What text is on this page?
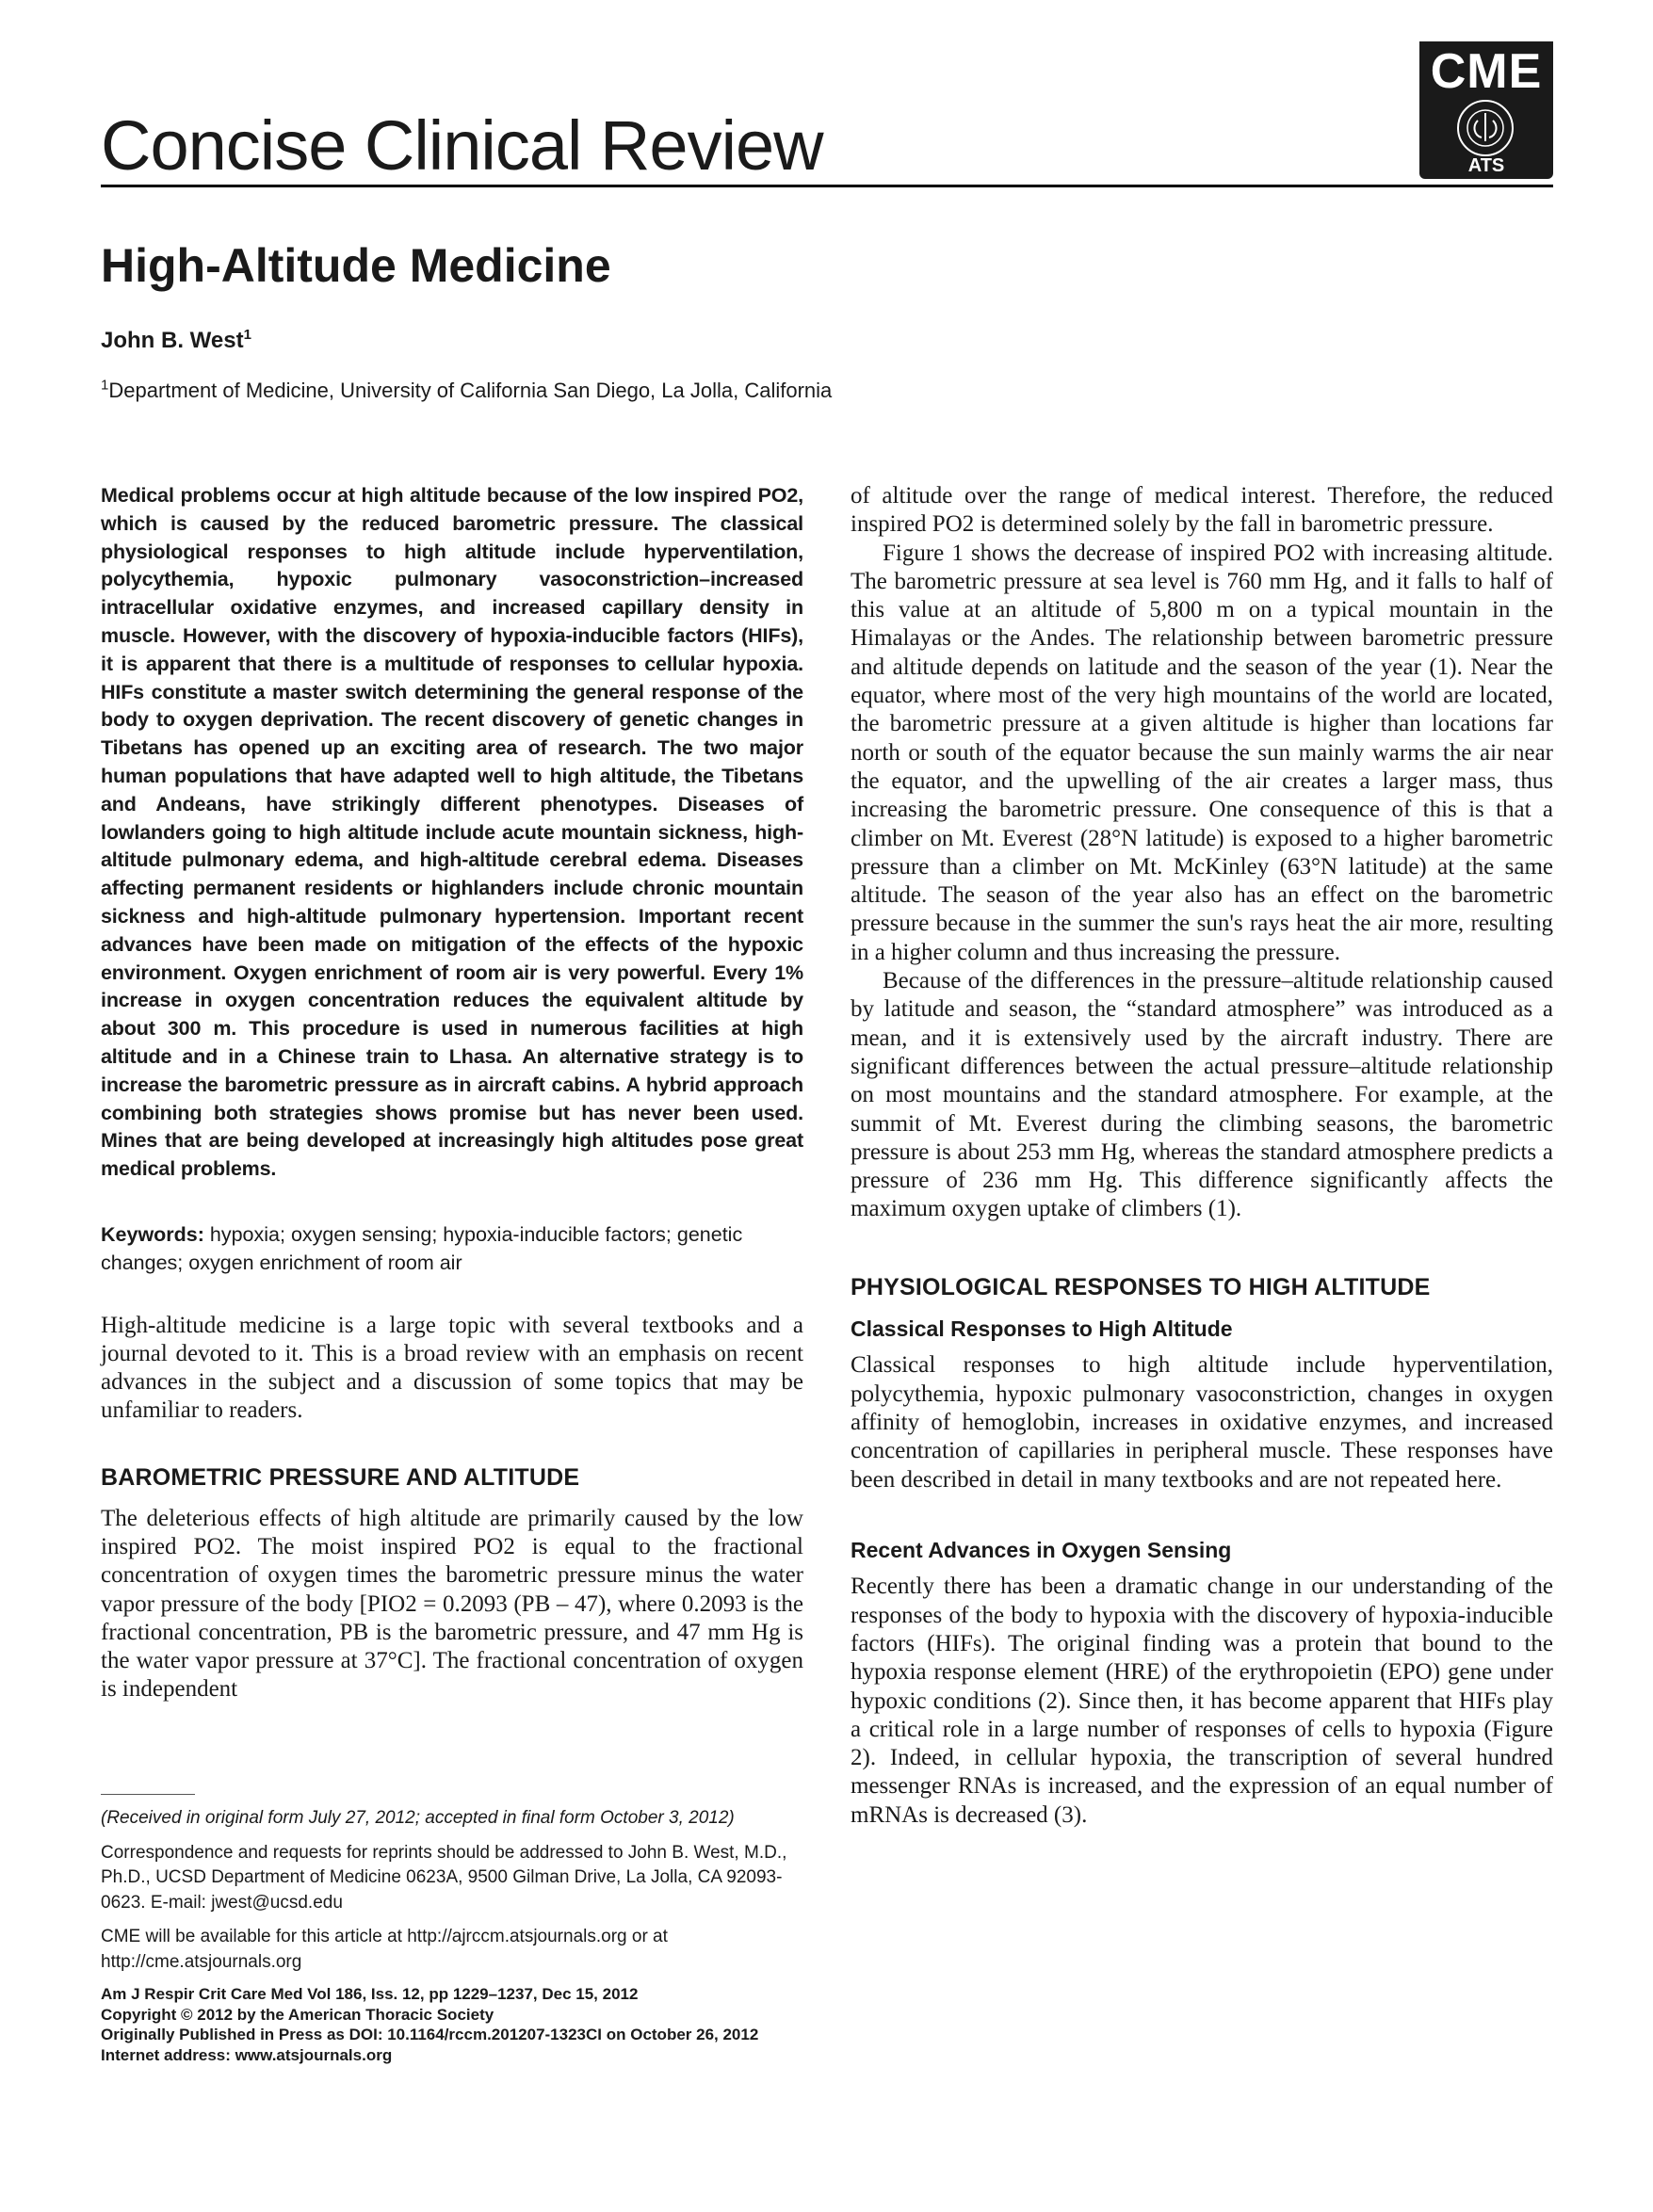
Concise Clinical Review
CME
ATS
High-Altitude Medicine
John B. West$^1$
$^1$Department of Medicine, University of California San Diego, La Jolla, California

Medical problems occur at high altitude because of the low inspired PO2, which is caused by the reduced barometric pressure. The classical physiological responses to high altitude include hyperventilation, polycythemia, hypoxic pulmonary vasoconstriction–increased intracellular oxidative enzymes, and increased capillary density in muscle. However, with the discovery of hypoxia-inducible factors (HIFs), it is apparent that there is a multitude of responses to cellular hypoxia. HIFs constitute a master switch determining the general response of the body to oxygen deprivation. The recent discovery of genetic changes in Tibetans has opened up an exciting area of research. The two major human populations that have adapted well to high altitude, the Tibetans and Andeans, have strikingly different phenotypes. Diseases of lowlanders going to high altitude include acute mountain sickness, high-altitude pulmonary edema, and high-altitude cerebral edema. Diseases affecting permanent residents or highlanders include chronic mountain sickness and high-altitude pulmonary hypertension. Important recent advances have been made on mitigation of the effects of the hypoxic environment. Oxygen enrichment of room air is very powerful. Every 1% increase in oxygen concentration reduces the equivalent altitude by about 300 m. This procedure is used in numerous facilities at high altitude and in a Chinese train to Lhasa. An alternative strategy is to increase the barometric pressure as in aircraft cabins. A hybrid approach combining both strategies shows promise but has never been used. Mines that are being developed at increasingly high altitudes pose great medical problems.

Keywords: hypoxia; oxygen sensing; hypoxia-inducible factors; genetic changes; oxygen enrichment of room air

High-altitude medicine is a large topic with several textbooks and a journal devoted to it. This is a broad review with an emphasis on recent advances in the subject and a discussion of some topics that may be unfamiliar to readers.

BAROMETRIC PRESSURE AND ALTITUDE

The deleterious effects of high altitude are primarily caused by the low inspired PO2. The moist inspired PO2 is equal to the fractional concentration of oxygen times the barometric pressure minus the water vapor pressure of the body [PIO2 = 0.2093 (PB – 47), where 0.2093 is the fractional concentration, PB is the barometric pressure, and 47 mm Hg is the water vapor pressure at 37°C]. The fractional concentration of oxygen is independent

of altitude over the range of medical interest. Therefore, the reduced inspired PO2 is determined solely by the fall in barometric pressure.

Figure 1 shows the decrease of inspired PO2 with increasing altitude. The barometric pressure at sea level is 760 mm Hg, and it falls to half of this value at an altitude of 5,800 m on a typical mountain in the Himalayas or the Andes. The relationship between barometric pressure and altitude depends on latitude and the season of the year (1). Near the equator, where most of the very high mountains of the world are located, the barometric pressure at a given altitude is higher than locations far north or south of the equator because the sun mainly warms the air near the equator, and the upwelling of the air creates a larger mass, thus increasing the barometric pressure. One consequence of this is that a climber on Mt. Everest (28°N latitude) is exposed to a higher barometric pressure than a climber on Mt. McKinley (63°N latitude) at the same altitude. The season of the year also has an effect on the barometric pressure because in the summer the sun's rays heat the air more, resulting in a higher column and thus increasing the pressure.

Because of the differences in the pressure–altitude relationship caused by latitude and season, the “standard atmosphere” was introduced as a mean, and it is extensively used by the aircraft industry. There are significant differences between the actual pressure–altitude relationship on most mountains and the standard atmosphere. For example, at the summit of Mt. Everest during the climbing seasons, the barometric pressure is about 253 mm Hg, whereas the standard atmosphere predicts a pressure of 236 mm Hg. This difference significantly affects the maximum oxygen uptake of climbers (1).

PHYSIOLOGICAL RESPONSES TO HIGH ALTITUDE
Classical Responses to High Altitude

Classical responses to high altitude include hyperventilation, polycythemia, hypoxic pulmonary vasoconstriction, changes in oxygen affinity of hemoglobin, increases in oxidative enzymes, and increased concentration of capillaries in peripheral muscle. These responses have been described in detail in many textbooks and are not repeated here.

Recent Advances in Oxygen Sensing

Recently there has been a dramatic change in our understanding of the responses of the body to hypoxia with the discovery of hypoxia-inducible factors (HIFs). The original finding was a protein that bound to the hypoxia response element (HRE) of the erythropoietin (EPO) gene under hypoxic conditions (2). Since then, it has become apparent that HIFs play a critical role in a large number of responses of cells to hypoxia (Figure 2). Indeed, in cellular hypoxia, the transcription of several hundred messenger RNAs is increased, and the expression of an equal number of mRNAs is decreased (3).

(Received in original form July 27, 2012; accepted in final form October 3, 2012)

Correspondence and requests for reprints should be addressed to John B. West, M.D., Ph.D., UCSD Department of Medicine 0623A, 9500 Gilman Drive, La Jolla, CA 92093-0623. E-mail: jwest@ucsd.edu

CME will be available for this article at http://ajrccm.atsjournals.org or at http://cme.atsjournals.org

Am J Respir Crit Care Med Vol 186, Iss. 12, pp 1229–1237, Dec 15, 2012
Copyright © 2012 by the American Thoracic Society
Originally Published in Press as DOI: 10.1164/rccm.201207-1323CI on October 26, 2012
Internet address: www.atsjournals.org
